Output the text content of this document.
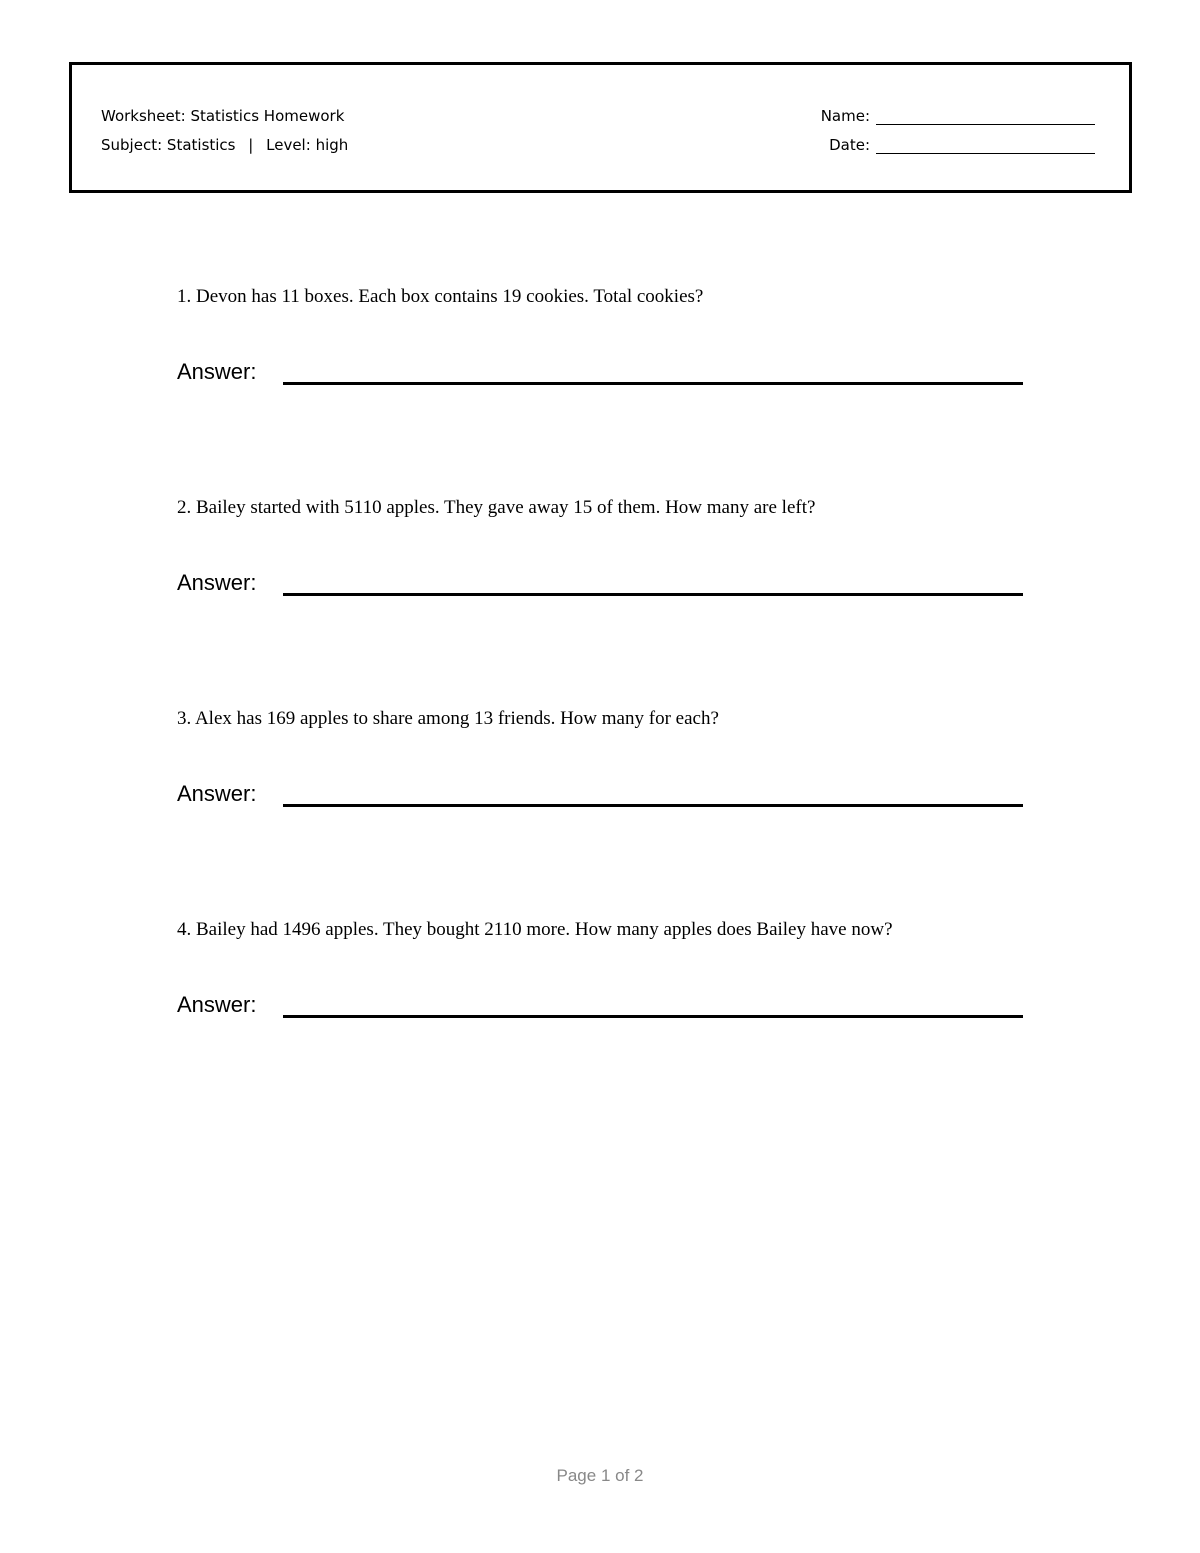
Worksheet: Statistics Homework
Subject: Statistics | Level: high
Name:
Date:
1. Devon has 11 boxes. Each box contains 19 cookies. Total cookies?
Answer:
2. Bailey started with 5110 apples. They gave away 15 of them. How many are left?
Answer:
3. Alex has 169 apples to share among 13 friends. How many for each?
Answer:
4. Bailey had 1496 apples. They bought 2110 more. How many apples does Bailey have now?
Answer:
Page 1 of 2
